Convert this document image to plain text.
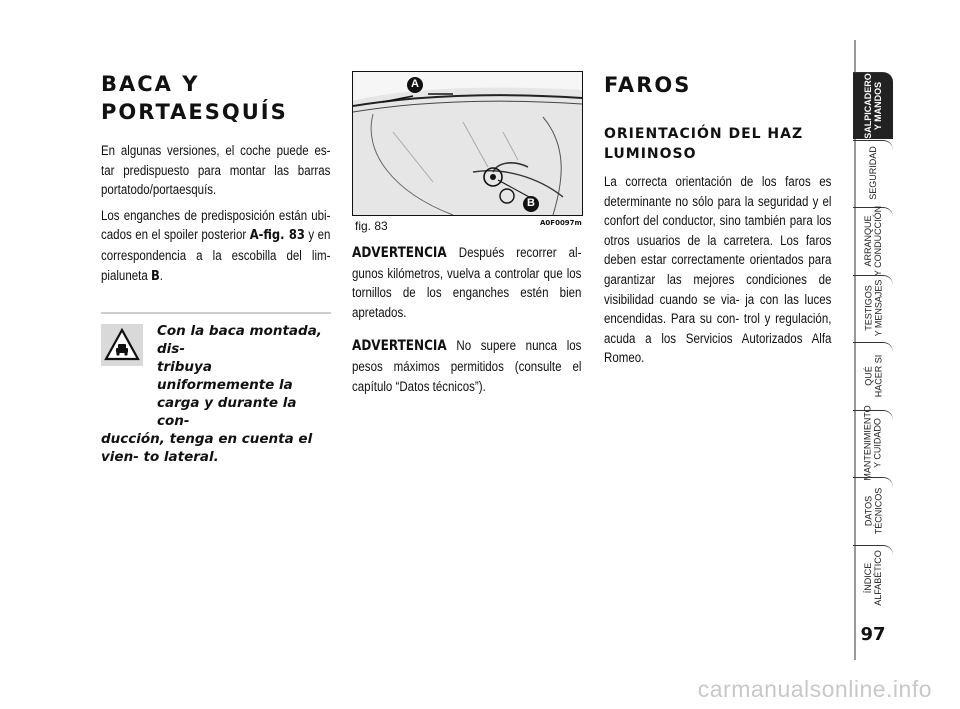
BACA Y
PORTAESQUÍS
En algunas versiones, el coche puede es- tar predispuesto para montar las barras portatodo/portaesquís.
Los enganches de predisposición están ubi- cados en el spoiler posterior A-fig. 83 y en correspondencia a la escobilla del lim- pialuneta B.

Con la baca montada, dis-
tribuya uniformemente la
carga y durante la con-
ducción, tenga en cuenta el vien- to lateral.

A
B
fig. 83	A0F0097m
ADVERTENCIA Después recorrer al- gunos kilómetros, vuelva a controlar que los tornillos de los enganches estén bien apretados.
ADVERTENCIA No supere nunca los pesos máximos permitidos (consulte el capítulo “Datos técnicos”).
FAROS
ORIENTACIÓN DEL HAZ
LUMINOSO
La correcta orientación de los faros es determinante no sólo para la seguridad y el confort del conductor, sino también para los otros usuarios de la carretera. Los faros deben estar correctamente orientados para garantizar las mejores condiciones de visibilidad cuando se via- ja con las luces encendidas. Para su con- trol y regulación, acuda a los Servicios Autorizados Alfa Romeo.
SALPICADERO Y MANDOS
SEGURIDAD
ARRANQUE Y CONDUCCIÓN
TESTIGOS Y MENSAJES
QUÉ HACER SI
MANTENIMIENTO Y CUIDADO
DATOS TÉCNICOS
ÍNDICE ALFABÉTICO
97
carmanualsonline.info
